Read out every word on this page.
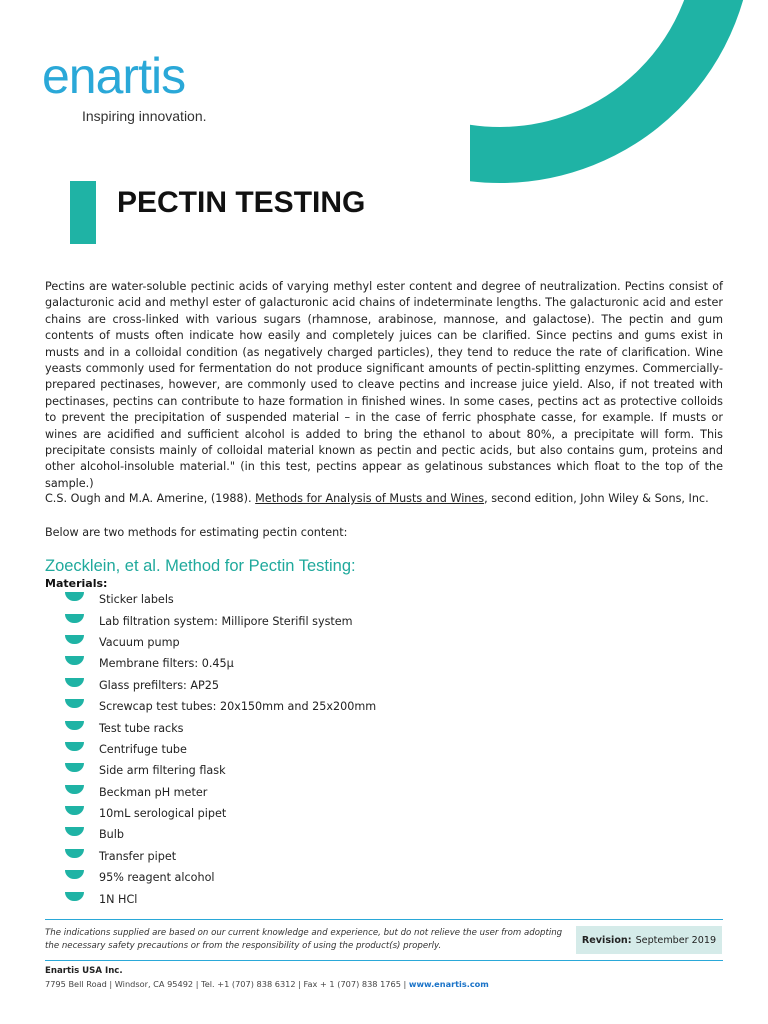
enartis
Inspiring innovation.
PECTIN TESTING

Pectins are water-soluble pectinic acids of varying methyl ester content and degree of neutralization. Pectins consist of galacturonic acid and methyl ester of galacturonic acid chains of indeterminate lengths. The galacturonic acid and ester chains are cross-linked with various sugars (rhamnose, arabinose, mannose, and galactose). The pectin and gum contents of musts often indicate how easily and completely juices can be clarified. Since pectins and gums exist in musts and in a colloidal condition (as negatively charged particles), they tend to reduce the rate of clarification. Wine yeasts commonly used for fermentation do not produce significant amounts of pectin-splitting enzymes. Commercially-prepared pectinases, however, are commonly used to cleave pectins and increase juice yield. Also, if not treated with pectinases, pectins can contribute to haze formation in finished wines. In some cases, pectins act as protective colloids to prevent the precipitation of suspended material – in the case of ferric phosphate casse, for example. If musts or wines are acidified and sufficient alcohol is added to bring the ethanol to about 80%, a precipitate will form. This precipitate consists mainly of colloidal material known as pectin and pectic acids, but also contains gum, proteins and other alcohol-insoluble material." (in this test, pectins appear as gelatinous substances which float to the top of the sample.)

C.S. Ough and M.A. Amerine, (1988). Methods for Analysis of Musts and Wines, second edition, John Wiley & Sons, Inc.

Below are two methods for estimating pectin content:

Zoecklein, et al. Method for Pectin Testing:
Materials:
Sticker labels
Lab filtration system: Millipore Sterifil system
Vacuum pump
Membrane filters: 0.45µ
Glass prefilters: AP25
Screwcap test tubes: 20x150mm and 25x200mm
Test tube racks
Centrifuge tube
Side arm filtering flask
Beckman pH meter
10mL serological pipet
Bulb
Transfer pipet
95% reagent alcohol
1N HCl

The indications supplied are based on our current knowledge and experience, but do not relieve the user from adopting the necessary safety precautions or from the responsibility of using the product(s) properly.

Revision: September 2019
Enartis USA Inc.
7795 Bell Road | Windsor, CA 95492 | Tel. +1 (707) 838 6312 | Fax + 1 (707) 838 1765 | www.enartis.com
